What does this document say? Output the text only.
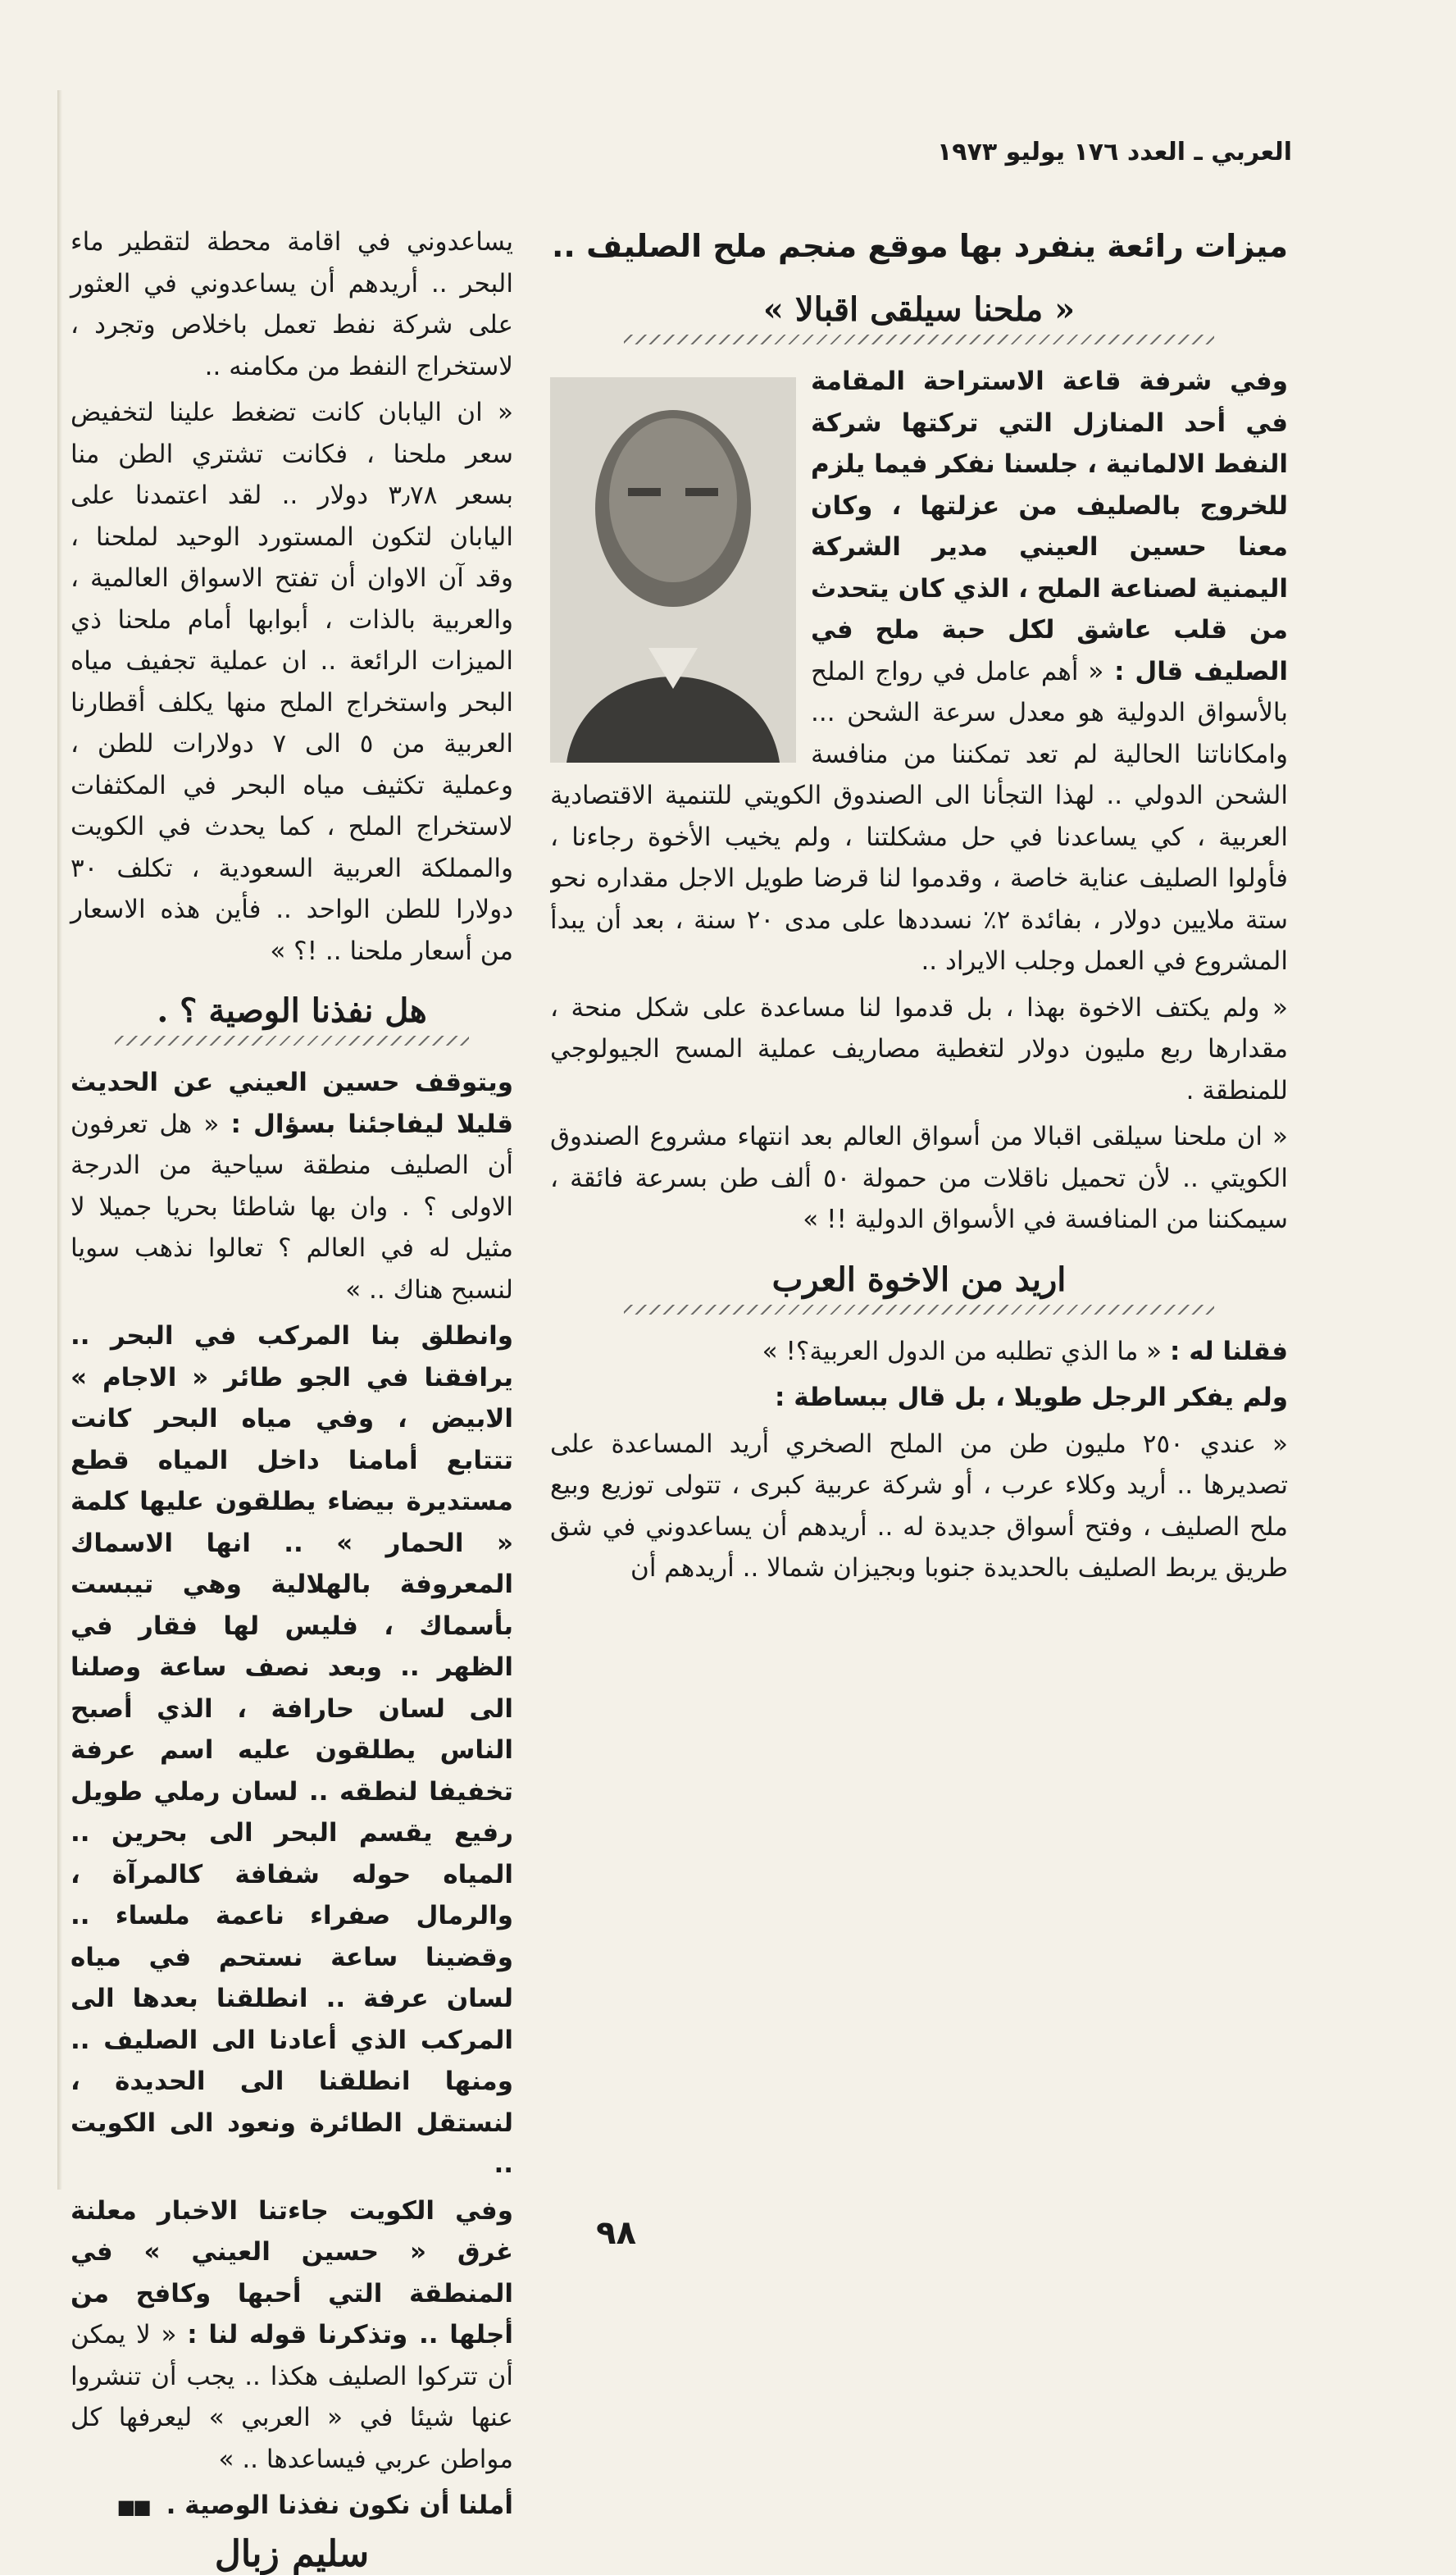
العربي ـ العدد ١٧٦ يوليو ١٩٧٣

ميزات رائعة ينفرد بها موقع منجم ملح الصليف ..

« ملحنا سيلقى اقبالا »

وفي شرفة قاعة الاستراحة المقامة في أحد المنازل التي تركتها شركة النفط الالمانية ، جلسنا نفكر فيما يلزم للخروج بالصليف من عزلتها ، وكان معنا حسين العيني مدير الشركة اليمنية لصناعة الملح ، الذي كان يتحدث من قلب عاشق لكل حبة ملح في الصليف قال : « أهم عامل في رواج الملح بالأسواق الدولية هو معدل سرعة الشحن ... وامكاناتنا الحالية لم تعد تمكننا من منافسة الشحن الدولي .. لهذا التجأنا الى الصندوق الكويتي للتنمية الاقتصادية العربية ، كي يساعدنا في حل مشكلتنا ، ولم يخيب الأخوة رجاءنا ، فأولوا الصليف عناية خاصة ، وقدموا لنا قرضا طويل الاجل مقداره نحو ستة ملايين دولار ، بفائدة ٢٪ نسددها على مدى ٢٠ سنة ، بعد أن يبدأ المشروع في العمل وجلب الايراد ..

« ولم يكتف الاخوة بهذا ، بل قدموا لنا مساعدة على شكل منحة ، مقدارها ربع مليون دولار لتغطية مصاريف عملية المسح الجيولوجي للمنطقة .

« ان ملحنا سيلقى اقبالا من أسواق العالم بعد انتهاء مشروع الصندوق الكويتي .. لأن تحميل ناقلات من حمولة ٥٠ ألف طن بسرعة فائقة ، سيمكننا من المنافسة في الأسواق الدولية !! »

اريد من الاخوة العرب

فقلنا له : « ما الذي تطلبه من الدول العربية؟! »

ولم يفكر الرجل طويلا ، بل قال ببساطة :

« عندي ٢٥٠ مليون طن من الملح الصخري أريد المساعدة على تصديرها .. أريد وكلاء عرب ، أو شركة عربية كبرى ، تتولى توزيع وبيع ملح الصليف ، وفتح أسواق جديدة له .. أريدهم أن يساعدوني في شق طريق يربط الصليف بالحديدة جنوبا وبجيزان شمالا .. أريدهم أن

يساعدوني في اقامة محطة لتقطير ماء البحر .. أريدهم أن يساعدوني في العثور على شركة نفط تعمل باخلاص وتجرد ، لاستخراج النفط من مكامنه ..

« ان اليابان كانت تضغط علينا لتخفيض سعر ملحنا ، فكانت تشتري الطن منا بسعر ٣٫٧٨ دولار .. لقد اعتمدنا على اليابان لتكون المستورد الوحيد لملحنا ، وقد آن الاوان أن تفتح الاسواق العالمية ، والعربية بالذات ، أبوابها أمام ملحنا ذي الميزات الرائعة .. ان عملية تجفيف مياه البحر واستخراج الملح منها يكلف أقطارنا العربية من ٥ الى ٧ دولارات للطن ، وعملية تكثيف مياه البحر في المكثفات لاستخراج الملح ، كما يحدث في الكويت والمملكة العربية السعودية ، تكلف ٣٠ دولارا للطن الواحد .. فأين هذه الاسعار من أسعار ملحنا .. !؟ »

هل نفذنا الوصية ؟ .

ويتوقف حسين العيني عن الحديث قليلا ليفاجئنا بسؤال : « هل تعرفون أن الصليف منطقة سياحية من الدرجة الاولى ؟ . وان بها شاطئا بحريا جميلا لا مثيل له في العالم ؟ تعالوا نذهب سويا لنسبح هناك .. »

وانطلق بنا المركب في البحر .. يرافقنا في الجو طائر « الاجام » الابيض ، وفي مياه البحر كانت تتتابع أمامنا داخل المياه قطع مستديرة بيضاء يطلقون عليها كلمة « الحمار » .. انها الاسماك المعروفة بالهلالية وهي تيبست بأسماك ، فليس لها فقار في الظهر .. وبعد نصف ساعة وصلنا الى لسان حارافة ، الذي أصبح الناس يطلقون عليه اسم عرفة تخفيفا لنطقه .. لسان رملي طويل رفيع يقسم البحر الى بحرين .. المياه حوله شفافة كالمرآة ، والرمال صفراء ناعمة ملساء .. وقضينا ساعة نستحم في مياه لسان عرفة .. انطلقنا بعدها الى المركب الذي أعادنا الى الصليف .. ومنها انطلقنا الى الحديدة ، لنستقل الطائرة ونعود الى الكويت ..

وفي الكويت جاءتنا الاخبار معلنة غرق « حسين العيني » في المنطقة التي أحبها وكافح من أجلها .. وتذكرنا قوله لنا : « لا يمكن أن تتركوا الصليف هكذا .. يجب أن تنشروا عنها شيئا في « العربي » ليعرفها كل مواطن عربي فيساعدها .. »

أملنا أن نكون نفذنا الوصية . ■■

سليم زبال
٩٨
